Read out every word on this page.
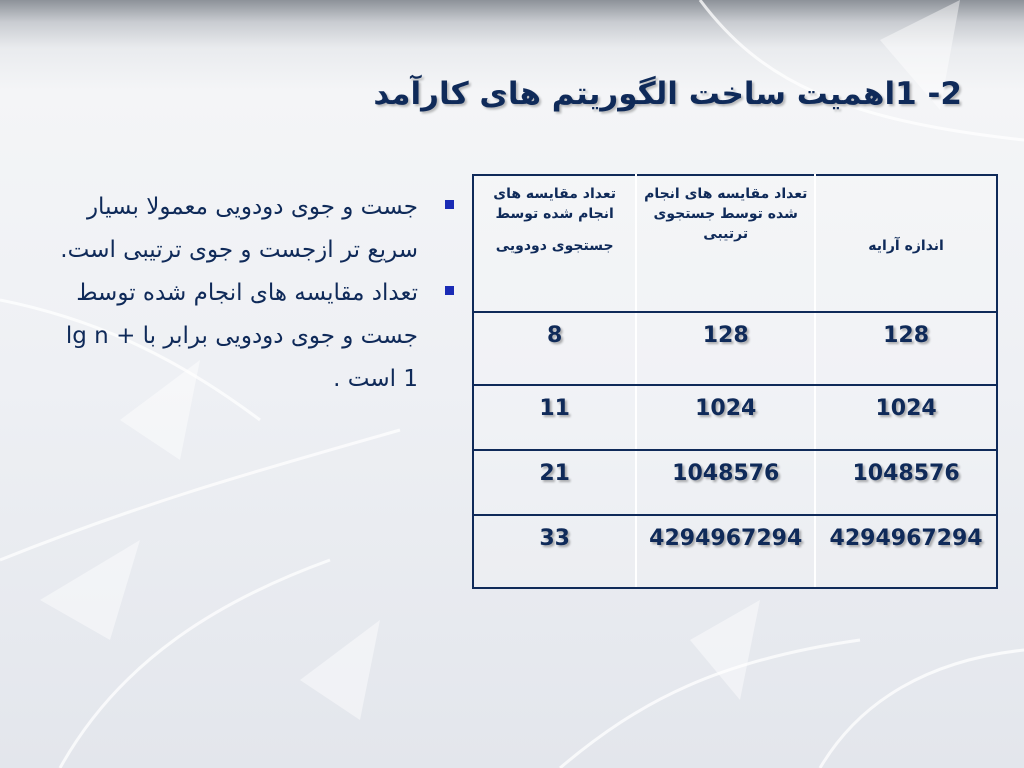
2- 1اهمیت ساخت الگوریتم های کارآمد
جست و جوی دودویی معمولا بسیار سریع تر ازجست و جوی ترتیبی است.
تعداد مقایسه های انجام شده توسط جست و جوی دودویی برابر با lg n + 1 است .
اندازه آرایه	تعداد مقایسه های انجام شده توسط جستجوی ترتیبی	تعداد مقایسه های انجام شده توسط
جستجوی دودویی

128	128	8
1024	1024	11
1048576	1048576	21
4294967294	4294967294	33
